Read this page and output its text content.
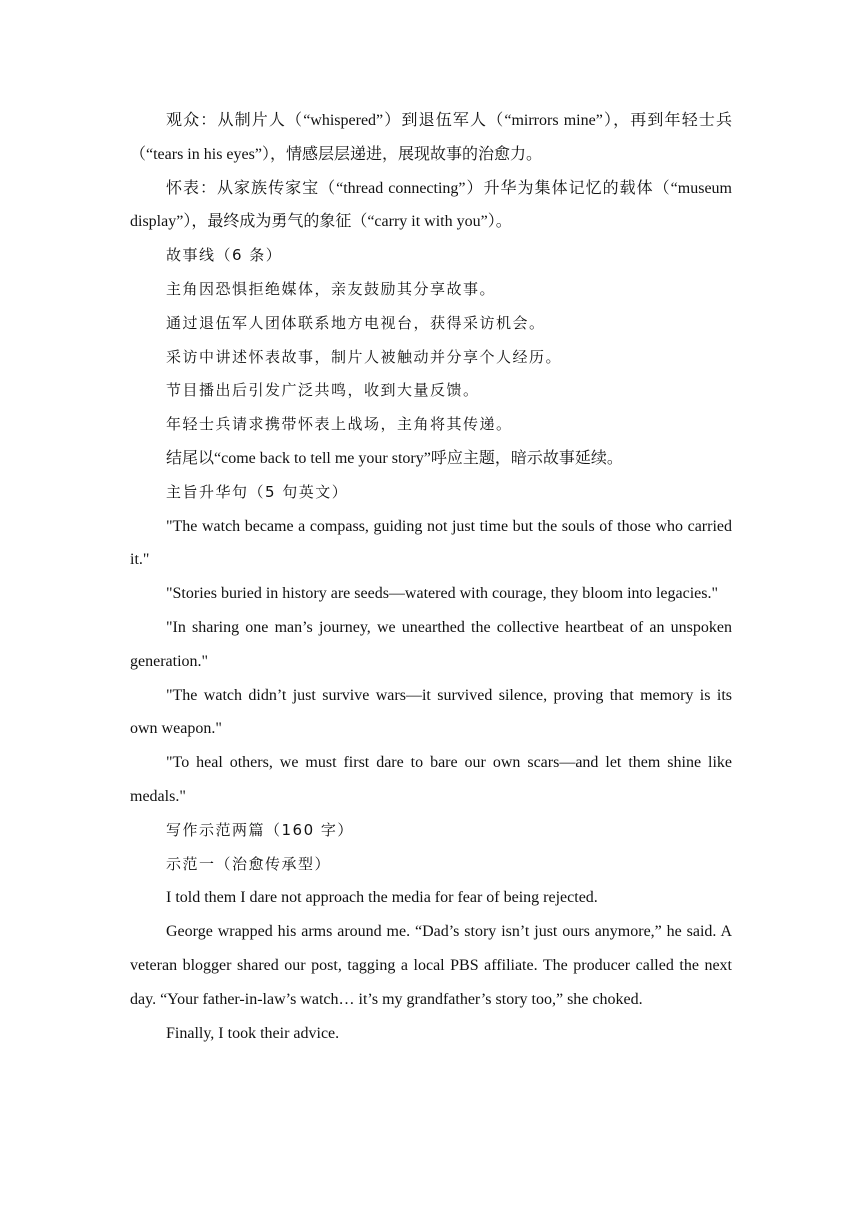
观众：从制片人（“whispered”）到退伍军人（“mirrors mine”），再到年轻士兵（“tears in his eyes”），情感层层递进，展现故事的治愈力。

怀表：从家族传家宝（“thread connecting”）升华为集体记忆的载体（“museum display”），最终成为勇气的象征（“carry it with you”）。

故事线（6 条）

主角因恐惧拒绝媒体，亲友鼓励其分享故事。

通过退伍军人团体联系地方电视台，获得采访机会。

采访中讲述怀表故事，制片人被触动并分享个人经历。

节目播出后引发广泛共鸣，收到大量反馈。

年轻士兵请求携带怀表上战场，主角将其传递。

结尾以“come back to tell me your story”呼应主题，暗示故事延续。

主旨升华句（5 句英文）

"The watch became a compass, guiding not just time but the souls of those who carried it."

"Stories buried in history are seeds—watered with courage, they bloom into legacies."

"In sharing one man’s journey, we unearthed the collective heartbeat of an unspoken generation."

"The watch didn’t just survive wars—it survived silence, proving that memory is its own weapon."

"To heal others, we must first dare to bare our own scars—and let them shine like medals."

写作示范两篇（160 字）

示范一（治愈传承型）

I told them I dare not approach the media for fear of being rejected.

George wrapped his arms around me. “Dad’s story isn’t just ours anymore,” he said. A veteran blogger shared our post, tagging a local PBS affiliate. The producer called the next day. “Your father-in-law’s watch… it’s my grandfather’s story too,” she choked.

Finally, I took their advice.
